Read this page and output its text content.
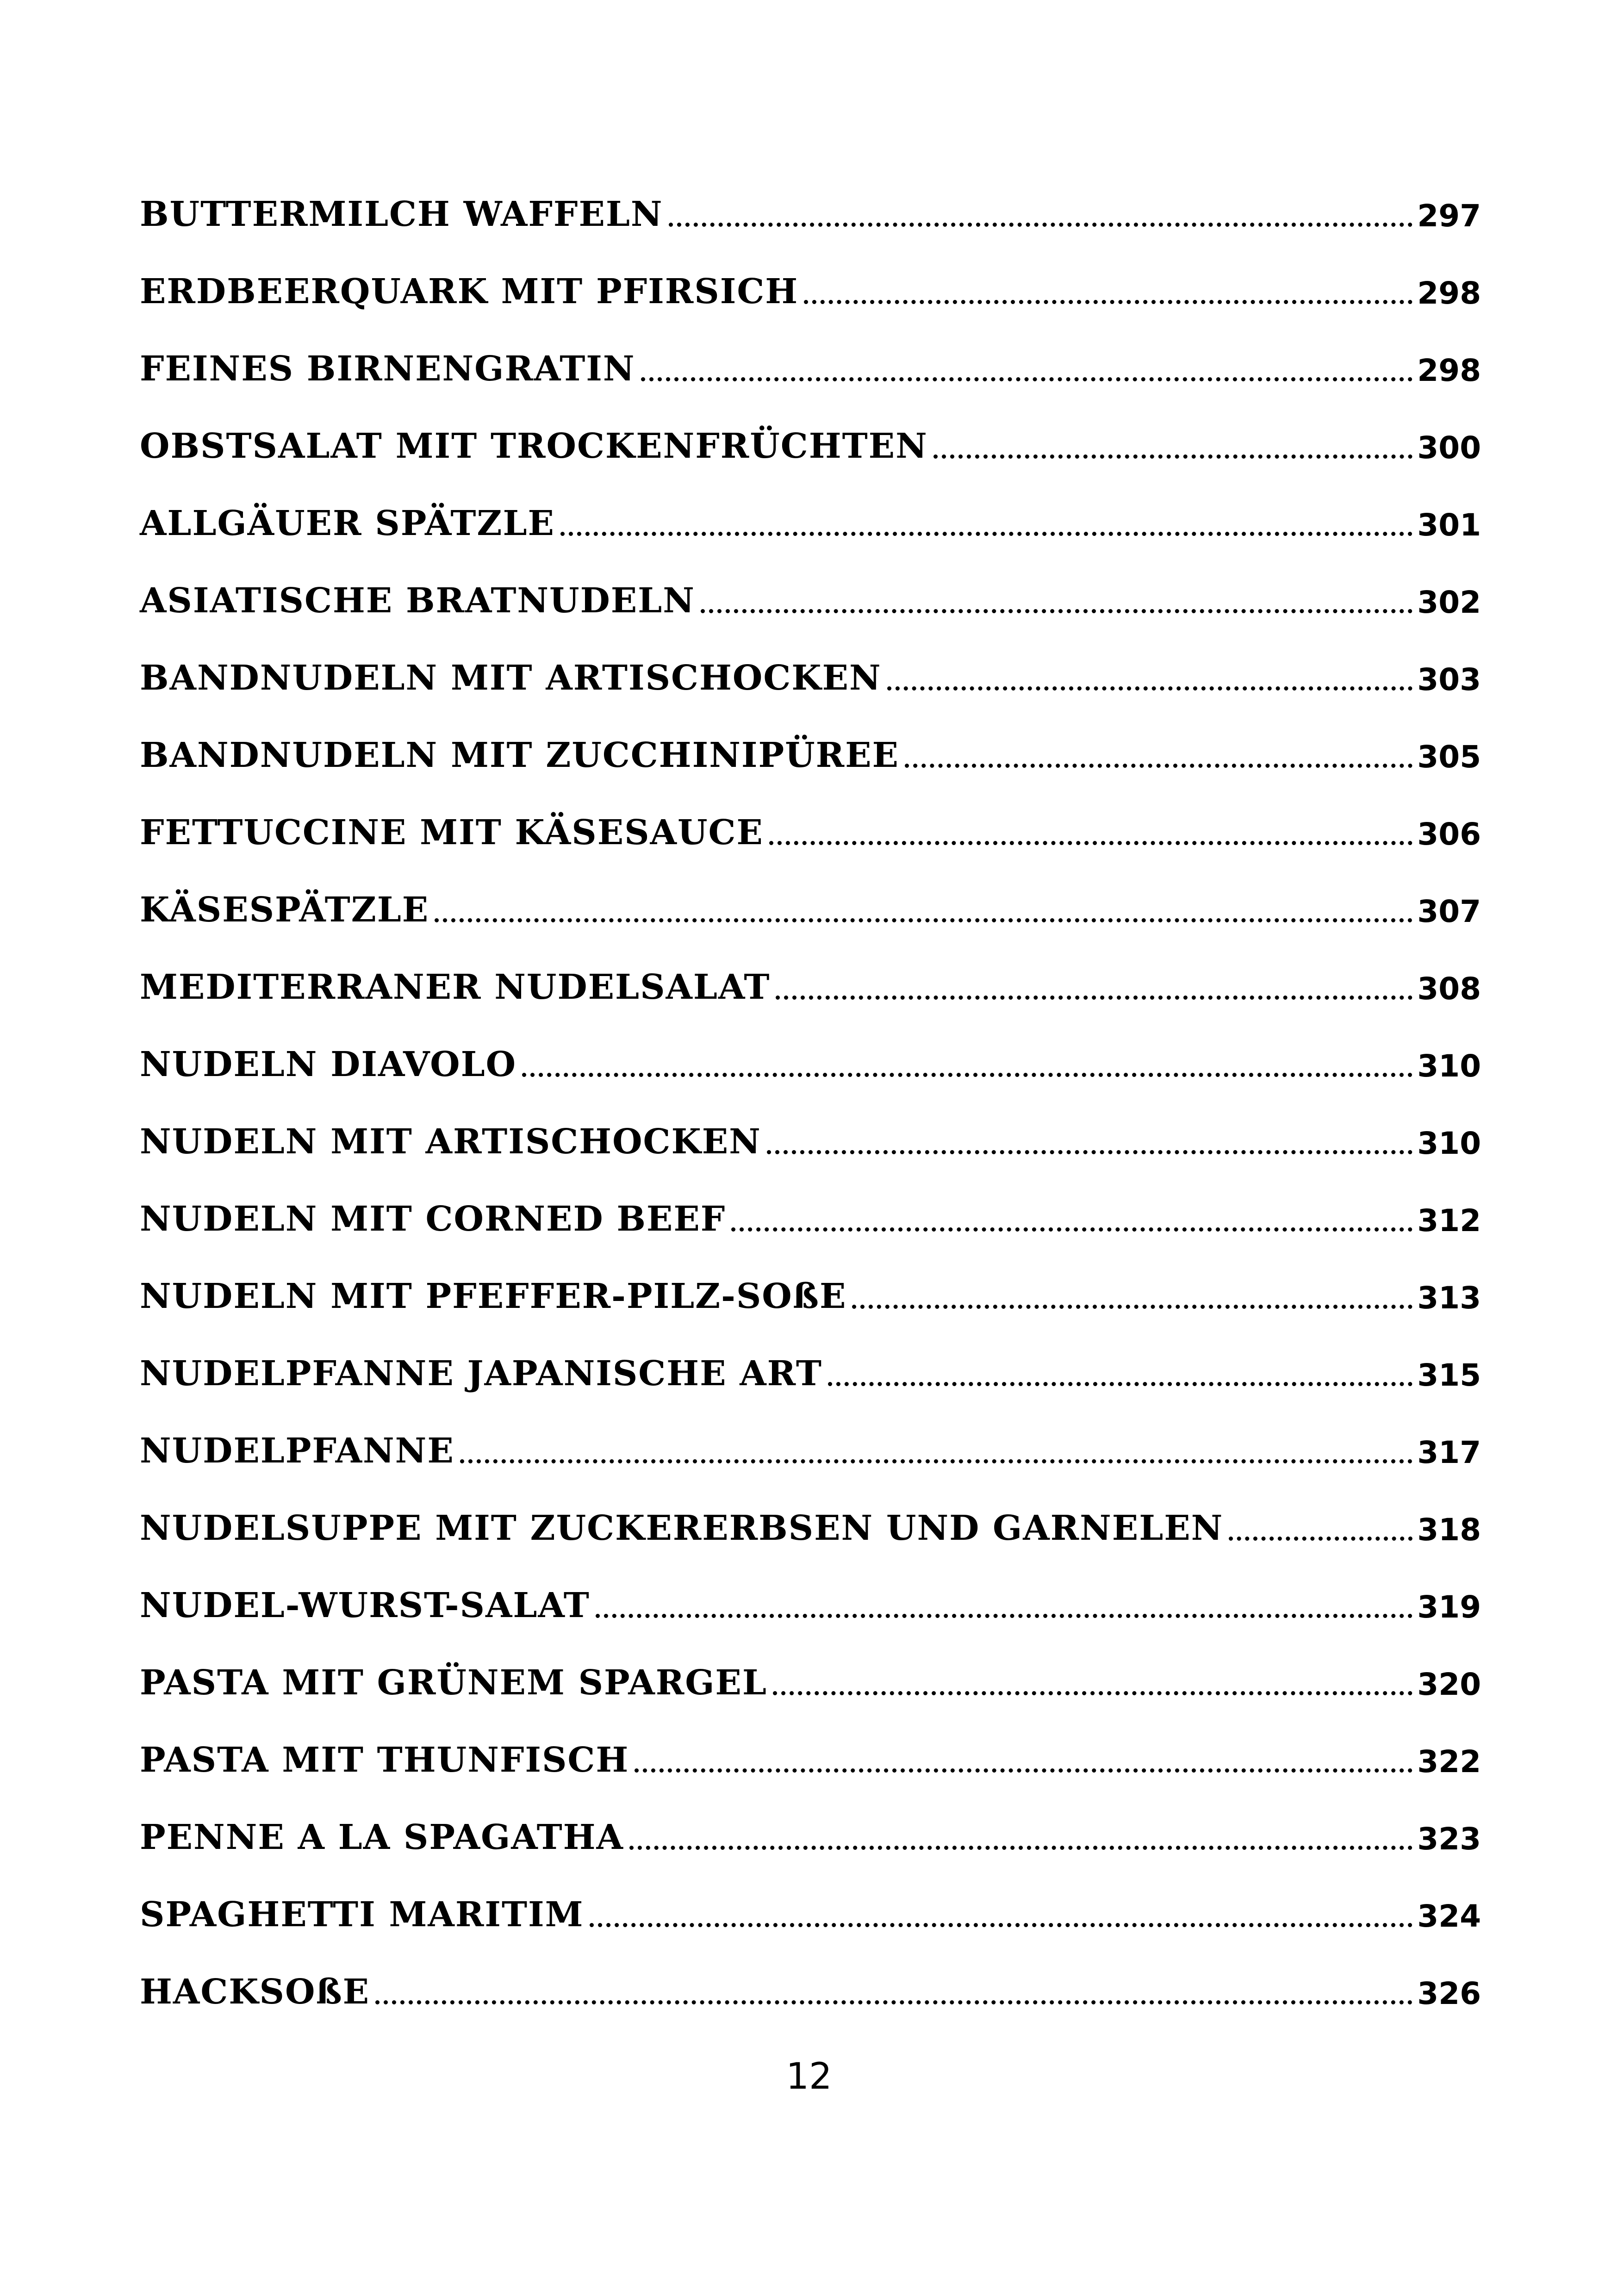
BUTTERMILCH WAFFELN	297
ERDBEERQUARK MIT PFIRSICH	298
FEINES BIRNENGRATIN	298
OBSTSALAT MIT TROCKENFRÜCHTEN	300
ALLGÄUER SPÄTZLE	301
ASIATISCHE BRATNUDELN	302
BANDNUDELN MIT ARTISCHOCKEN	303
BANDNUDELN MIT ZUCCHINIPÜREE	305
FETTUCCINE MIT KÄSESAUCE	306
KÄSESPÄTZLE	307
MEDITERRANER NUDELSALAT	308
NUDELN DIAVOLO	310
NUDELN MIT ARTISCHOCKEN	310
NUDELN MIT CORNED BEEF	312
NUDELN MIT PFEFFER-PILZ-SOßE	313
NUDELPFANNE JAPANISCHE ART	315
NUDELPFANNE	317
NUDELSUPPE MIT ZUCKERERBSEN UND GARNELEN	318
NUDEL-WURST-SALAT	319
PASTA MIT GRÜNEM SPARGEL	320
PASTA MIT THUNFISCH	322
PENNE A LA SPAGATHA	323
SPAGHETTI MARITIM	324
HACKSOßE	326
12
